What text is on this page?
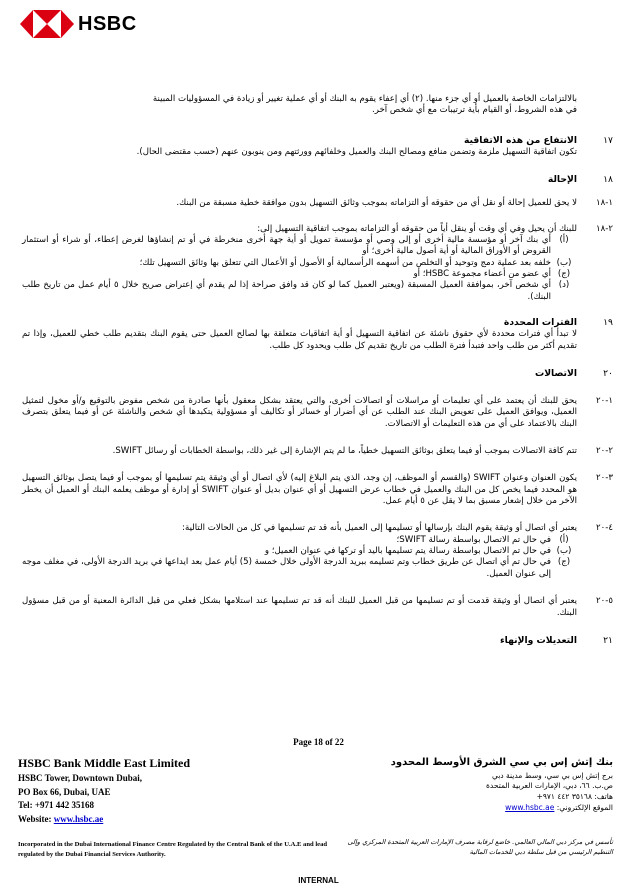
HSBC
بالالتزامات الخاصة بالعميل أو أي جزء منها. (٢) أي إعفاء يقوم به البنك أو أي عملية تغيير أو زيادة في المسؤوليات المبينة
في هذه الشروط، أو القيام بأية ترتيبات مع أي شخص آخر.
١٧
الانتفاع من هذه الاتفاقية
تكون اتفاقية التسهيل ملزمة وتضمن منافع ومصالح البنك والعميل وخلفائهم وورثتهم ومن ينوبون عنهم (حسب مقتضى الحال).
١٨
الإحالة
١-١٨
لا يحق للعميل إحالة أو نقل أي من حقوقه أو التزاماته بموجب وثائق التسهيل بدون موافقة خطية مسبقة من البنك.
٢-١٨
للبنك أن يحيل وفي أي وقت أو ينقل أياً من حقوقه أو التزاماته بموجب اتفاقية التسهيل إلى:
(أ)
أي بنك آخر أو مؤسسة مالية أخرى أو إلى وصي أو مؤسسة تمويل أو أية جهة أخرى منخرطة في أو تم إنشاؤها لغرض إعطاء، أو شراء أو استثمار القروض أو الأوراق المالية أو أية أصول مالية أخرى؛ أو
(ب)
خلفه بعد عملية دمج وتوحيد أو التخلص من أسهمه الرأسمالية أو الأصول أو الأعمال التي تتعلق بها وثائق التسهيل تلك؛
(ج)
أي عضو من أعضاء مجموعة HSBC؛ أو
(د)
أي شخص آخر، بموافقة العميل المسبقة (ويعتبر العميل كما لو كان قد وافق صراحة إذا لم يقدم أي إعتراض صريح خلال ٥ أيام عمل من تاريخ طلب البنك).
١٩
الفترات المحددة
لا تبدأ أي فترات محددة لأي حقوق ناشئة عن اتفاقية التسهيل أو أية اتفاقيات متعلقة بها لصالح العميل حتى يقوم البنك بتقديم طلب خطي للعميل، وإذا تم تقديم أكثر من طلب واحد فتبدأ فترة الطلب من تاريخ تقديم كل طلب ويحدود كل طلب.
٢٠
الاتصالات
١-٢٠
يحق للبنك أن يعتمد على أي تعليمات أو مراسلات أو اتصالات أخرى، والتي يعتقد بشكل معقول بأنها صادرة من شخص مفوض بالتوقيع و/أو مخول لتمثيل العميل، ويوافق العميل على تعويض البنك عند الطلب عن أي أضرار أو خسائر أو تكاليف أو مسؤولية يتكبدها أي شخص والناشئة عن أو فيما يتعلق بتصرف البنك بالاعتماد على أي من هذه التعليمات أو الاتصالات.
٢-٢٠
تتم كافة الاتصالات بموجب أو فيما يتعلق بوثائق التسهيل خطياً، ما لم يتم الإشارة إلى غير ذلك، بواسطة الخطابات أو رسائل SWIFT.
٣-٢٠
يكون العنوان وعنوان SWIFT (والقسم أو الموظف، إن وجد، الذي يتم البلاغ إليه) لأي اتصال أو أي وثيقة يتم تسليمها أو بموجب أو فيما يتصل بوثائق التسهيل هو المحدد فيما يخص كل من البنك والعميل في خطاب عرض التسهيل أو أي عنوان بديل أو عنوان SWIFT أو إدارة أو موظف يعلمه البنك أو العميل أن يخطر الآخر من خلال إشعار مسبق بما لا يقل عن ٥ أيام عمل.
٤-٢٠
يعتبر أي اتصال أو وثيقة يقوم البنك بإرسالها أو تسليمها إلى العميل بأنه قد تم تسليمها في كل من الحالات التالية:
(أ)
في حال تم الاتصال بواسطة رسالة SWIFT؛
(ب)
في حال تم الاتصال بواسطة رسالة يتم تسليمها باليد أو تركها في عنوان العميل؛ و
(ج)
في حال تم أي اتصال عن طريق خطاب وتم تسليمه ببريد الدرجة الأولى خلال خمسة (5) أيام عمل بعد ايداعها في بريد الدرجة الأولى، في مغلف موجه إلى عنوان العميل.
٥-٢٠
يعتبر أي اتصال أو وثيقة قدمت أو تم تسليمها من قبل العميل للبنك أنه قد تم تسليمها عند استلامها بشكل فعلي من قبل الدائرة المعنية أو من قبل مسؤول البنك.
٢١
التعديلات والإنهاء
Page 18 of 22
HSBC Bank Middle East Limited
HSBC Tower, Downtown Dubai,
PO Box 66, Dubai, UAE
Tel: +971 442 35168
Website: www.hsbc.ae
بنك إتش إس بي سي الشرق الأوسط المحدود
برج إتش إس بي سي، وسط مدينة دبي
ص.ب. ٦٦، دبي، الإمارات العربية المتحدة
هاتف: ٣٥١٦٨ ٤٤٢ ٩٧١+
الموقع الإلكتروني: www.hsbc.ae
Incorporated in the Dubai International Finance Centre Regulated by the Central Bank of the U.A.E and lead regulated by the Dubai Financial Services Authority.
تأسس في مركز دبي المالي العالمي. خاضع لرقابة مصرف الإمارات العربية المتحدة المركزي وإلى التنظيم الرئيسي من قبل سلطة دبي للخدمات المالية
INTERNAL
